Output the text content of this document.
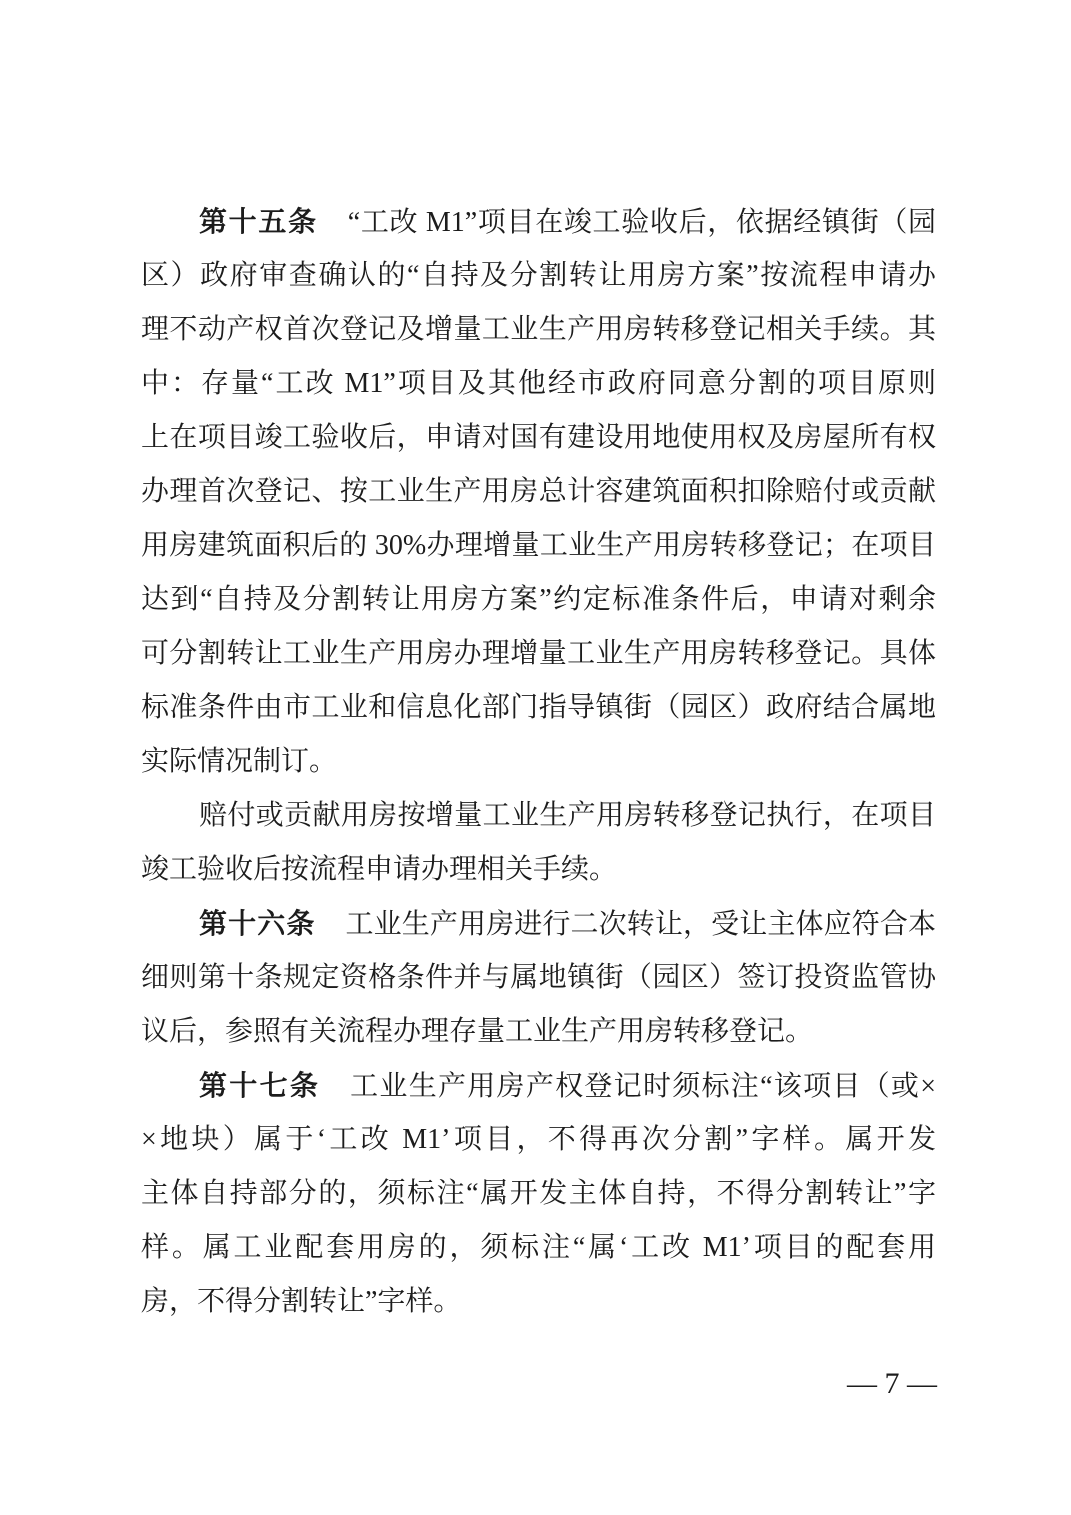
第十五条 “工改 M1”项目在竣工验收后，依据经镇街（园
区）政府审查确认的“自持及分割转让用房方案”按流程申请办
理不动产权首次登记及增量工业生产用房转移登记相关手续。其
中：存量“工改 M1”项目及其他经市政府同意分割的项目原则
上在项目竣工验收后，申请对国有建设用地使用权及房屋所有权
办理首次登记、按工业生产用房总计容建筑面积扣除赔付或贡献
用房建筑面积后的 30%办理增量工业生产用房转移登记；在项目
达到“自持及分割转让用房方案”约定标准条件后，申请对剩余
可分割转让工业生产用房办理增量工业生产用房转移登记。具体
标准条件由市工业和信息化部门指导镇街（园区）政府结合属地
实际情况制订。
赔付或贡献用房按增量工业生产用房转移登记执行，在项目
竣工验收后按流程申请办理相关手续。
第十六条 工业生产用房进行二次转让，受让主体应符合本
细则第十条规定资格条件并与属地镇街（园区）签订投资监管协
议后，参照有关流程办理存量工业生产用房转移登记。
第十七条 工业生产用房产权登记时须标注“该项目（或×
×地块）属于‘工改 M1’项目，不得再次分割”字样。属开发
主体自持部分的，须标注“属开发主体自持，不得分割转让”字
样。属工业配套用房的，须标注“属‘工改 M1’项目的配套用
房，不得分割转让”字样。
— 7 —
